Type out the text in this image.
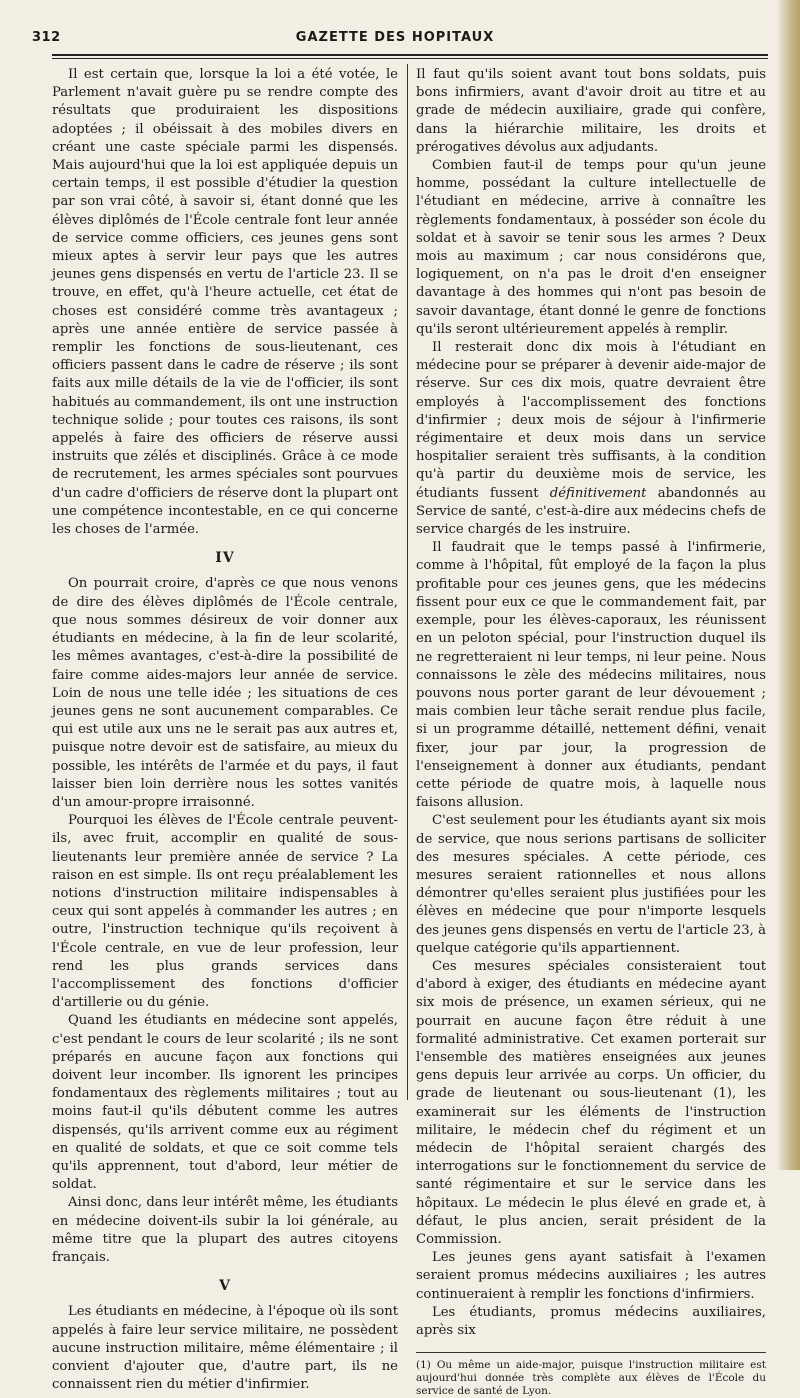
312	GAZETTE DES HOPITAUX

Il est certain que, lorsque la loi a été votée, le Parlement n'avait guère pu se rendre compte des résultats que produiraient les dispositions adoptées ; il obéissait à des mobiles divers en créant une caste spéciale parmi les dispensés. Mais aujourd'hui que la loi est appliquée depuis un certain temps, il est possible d'étudier la question par son vrai côté, à savoir si, étant donné que les élèves diplômés de l'École centrale font leur année de service comme officiers, ces jeunes gens sont mieux aptes à servir leur pays que les autres jeunes gens dispensés en vertu de l'article 23. Il se trouve, en effet, qu'à l'heure actuelle, cet état de choses est considéré comme très avantageux ; après une année entière de service passée à remplir les fonctions de sous-lieutenant, ces officiers passent dans le cadre de réserve ; ils sont faits aux mille détails de la vie de l'officier, ils sont habitués au commandement, ils ont une instruction technique solide ; pour toutes ces raisons, ils sont appelés à faire des officiers de réserve aussi instruits que zélés et disciplinés. Grâce à ce mode de recrutement, les armes spéciales sont pourvues d'un cadre d'officiers de réserve dont la plupart ont une compétence incontestable, en ce qui concerne les choses de l'armée.

IV

On pourrait croire, d'après ce que nous venons de dire des élèves diplômés de l'École centrale, que nous sommes désireux de voir donner aux étudiants en médecine, à la fin de leur scolarité, les mêmes avantages, c'est-à-dire la possibilité de faire comme aides-majors leur année de service. Loin de nous une telle idée ; les situations de ces jeunes gens ne sont aucunement comparables. Ce qui est utile aux uns ne le serait pas aux autres et, puisque notre devoir est de satisfaire, au mieux du possible, les intérêts de l'armée et du pays, il faut laisser bien loin derrière nous les sottes vanités d'un amour-propre irraisonné.

Pourquoi les élèves de l'École centrale peuvent-ils, avec fruit, accomplir en qualité de sous-lieutenants leur première année de service ? La raison en est simple. Ils ont reçu préalablement les notions d'instruction militaire indispensables à ceux qui sont appelés à commander les autres ; en outre, l'instruction technique qu'ils reçoivent à l'École centrale, en vue de leur profession, leur rend les plus grands services dans l'accomplissement des fonctions d'officier d'artillerie ou du génie.

Quand les étudiants en médecine sont appelés, c'est pendant le cours de leur scolarité ; ils ne sont préparés en aucune façon aux fonctions qui doivent leur incomber. Ils ignorent les principes fondamentaux des règlements militaires ; tout au moins faut-il qu'ils débutent comme les autres dispensés, qu'ils arrivent comme eux au régiment en qualité de soldats, et que ce soit comme tels qu'ils apprennent, tout d'abord, leur métier de soldat.

Ainsi donc, dans leur intérêt même, les étudiants en médecine doivent-ils subir la loi générale, au même titre que la plupart des autres citoyens français.

V

Les étudiants en médecine, à l'époque où ils sont appelés à faire leur service militaire, ne possèdent aucune instruction militaire, même élémentaire ; il convient d'ajouter que, d'autre part, ils ne connaissent rien du métier d'infirmier.

Il faut qu'ils soient avant tout bons soldats, puis bons infirmiers, avant d'avoir droit au titre et au grade de médecin auxiliaire, grade qui confère, dans la hiérarchie militaire, les droits et prérogatives dévolus aux adjudants.

Combien faut-il de temps pour qu'un jeune homme, possédant la culture intellectuelle de l'étudiant en médecine, arrive à connaître les règlements fondamentaux, à posséder son école du soldat et à savoir se tenir sous les armes ? Deux mois au maximum ; car nous considérons que, logiquement, on n'a pas le droit d'en enseigner davantage à des hommes qui n'ont pas besoin de savoir davantage, étant donné le genre de fonctions qu'ils seront ultérieurement appelés à remplir.

Il resterait donc dix mois à l'étudiant en médecine pour se préparer à devenir aide-major de réserve. Sur ces dix mois, quatre devraient être employés à l'accomplissement des fonctions d'infirmier ; deux mois de séjour à l'infirmerie régimentaire et deux mois dans un service hospitalier seraient très suffisants, à la condition qu'à partir du deuxième mois de service, les étudiants fussent définitivement abandonnés au Service de santé, c'est-à-dire aux médecins chefs de service chargés de les instruire.

Il faudrait que le temps passé à l'infirmerie, comme à l'hôpital, fût employé de la façon la plus profitable pour ces jeunes gens, que les médecins fissent pour eux ce que le commandement fait, par exemple, pour les élèves-caporaux, les réunissent en un peloton spécial, pour l'instruction duquel ils ne regretteraient ni leur temps, ni leur peine. Nous connaissons le zèle des médecins militaires, nous pouvons nous porter garant de leur dévouement ; mais combien leur tâche serait rendue plus facile, si un programme détaillé, nettement défini, venait fixer, jour par jour, la progression de l'enseignement à donner aux étudiants, pendant cette période de quatre mois, à laquelle nous faisons allusion.

C'est seulement pour les étudiants ayant six mois de service, que nous serions partisans de solliciter des mesures spéciales. A cette période, ces mesures seraient rationnelles et nous allons démontrer qu'elles seraient plus justifiées pour les élèves en médecine que pour n'importe lesquels des jeunes gens dispensés en vertu de l'article 23, à quelque catégorie qu'ils appartiennent.

Ces mesures spéciales consisteraient tout d'abord à exiger, des étudiants en médecine ayant six mois de présence, un examen sérieux, qui ne pourrait en aucune façon être réduit à une formalité administrative. Cet examen porterait sur l'ensemble des matières enseignées aux jeunes gens depuis leur arrivée au corps. Un officier, du grade de lieutenant ou sous-lieutenant (1), les examinerait sur les éléments de l'instruction militaire, le médecin chef du régiment et un médecin de l'hôpital seraient chargés des interrogations sur le fonctionnement du service de santé régimentaire et sur le service dans les hôpitaux. Le médecin le plus élevé en grade et, à défaut, le plus ancien, serait président de la Commission.

Les jeunes gens ayant satisfait à l'examen seraient promus médecins auxiliaires ; les autres continueraient à remplir les fonctions d'infirmiers.

Les étudiants, promus médecins auxiliaires, après six

(1) Ou même un aide-major, puisque l'instruction militaire est aujourd'hui donnée très complète aux élèves de l'École du service de santé de Lyon.
